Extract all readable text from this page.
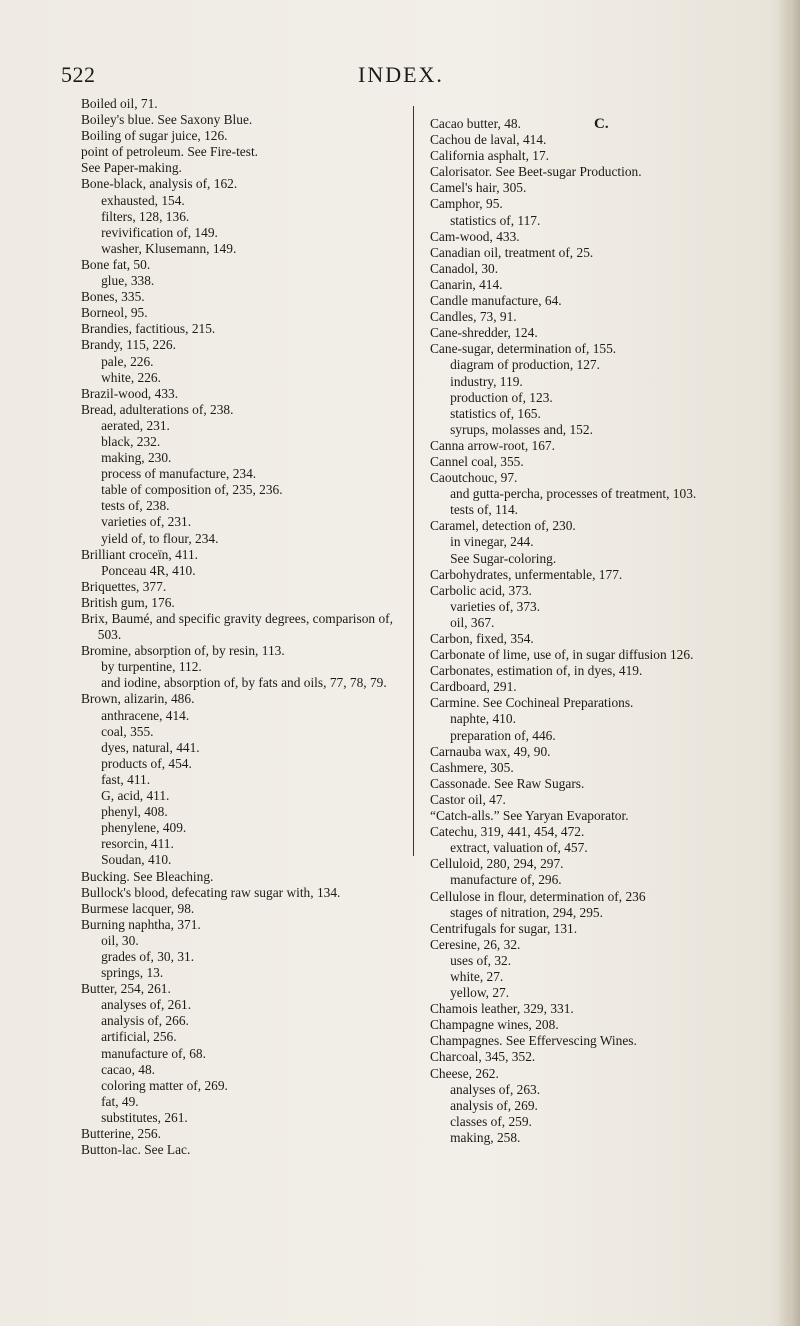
522	INDEX.
Boiled oil, 71.
Boiley's blue. See Saxony Blue.
Boiling of sugar juice, 126.
point of petroleum. See Fire-test.
See Paper-making.
Bone-black, analysis of, 162.
exhausted, 154.
filters, 128, 136.
revivification of, 149.
washer, Klusemann, 149.
Bone fat, 50.
glue, 338.
Bones, 335.
Borneol, 95.
Brandies, factitious, 215.
Brandy, 115, 226.
pale, 226.
white, 226.
Brazil-wood, 433.
Bread, adulterations of, 238.
aerated, 231.
black, 232.
making, 230.
process of manufacture, 234.
table of composition of, 235, 236.
tests of, 238.
varieties of, 231.
yield of, to flour, 234.
Brilliant croceïn, 411.
Ponceau 4R, 410.
Briquettes, 377.
British gum, 176.
Brix, Baumé, and specific gravity degrees, comparison of, 503.
Bromine, absorption of, by resin, 113.
by turpentine, 112.
and iodine, absorption of, by fats and oils, 77, 78, 79.
Brown, alizarin, 486.
anthracene, 414.
coal, 355.
dyes, natural, 441.
products of, 454.
fast, 411.
G, acid, 411.
phenyl, 408.
phenylene, 409.
resorcin, 411.
Soudan, 410.
Bucking. See Bleaching.
Bullock's blood, defecating raw sugar with, 134.
Burmese lacquer, 98.
Burning naphtha, 371.
oil, 30.
grades of, 30, 31.
springs, 13.
Butter, 254, 261.
analyses of, 261.
analysis of, 266.
artificial, 256.
manufacture of, 68.
cacao, 48.
coloring matter of, 269.
fat, 49.
substitutes, 261.
Butterine, 256.
Button-lac. See Lac.
C.
Cacao butter, 48.
Cachou de laval, 414.
California asphalt, 17.
Calorisator. See Beet-sugar Production.
Camel's hair, 305.
Camphor, 95.
statistics of, 117.
Cam-wood, 433.
Canadian oil, treatment of, 25.
Canadol, 30.
Canarin, 414.
Candle manufacture, 64.
Candles, 73, 91.
Cane-shredder, 124.
Cane-sugar, determination of, 155.
diagram of production, 127.
industry, 119.
production of, 123.
statistics of, 165.
syrups, molasses and, 152.
Canna arrow-root, 167.
Cannel coal, 355.
Caoutchouc, 97.
and gutta-percha, processes of treatment, 103.
tests of, 114.
Caramel, detection of, 230.
in vinegar, 244.
See Sugar-coloring.
Carbohydrates, unfermentable, 177.
Carbolic acid, 373.
varieties of, 373.
oil, 367.
Carbon, fixed, 354.
Carbonate of lime, use of, in sugar diffusion 126.
Carbonates, estimation of, in dyes, 419.
Cardboard, 291.
Carmine. See Cochineal Preparations.
naphte, 410.
preparation of, 446.
Carnauba wax, 49, 90.
Cashmere, 305.
Cassonade. See Raw Sugars.
Castor oil, 47.
“Catch-alls.” See Yaryan Evaporator.
Catechu, 319, 441, 454, 472.
extract, valuation of, 457.
Celluloid, 280, 294, 297.
manufacture of, 296.
Cellulose in flour, determination of, 236
stages of nitration, 294, 295.
Centrifugals for sugar, 131.
Ceresine, 26, 32.
uses of, 32.
white, 27.
yellow, 27.
Chamois leather, 329, 331.
Champagne wines, 208.
Champagnes. See Effervescing Wines.
Charcoal, 345, 352.
Cheese, 262.
analyses of, 263.
analysis of, 269.
classes of, 259.
making, 258.
